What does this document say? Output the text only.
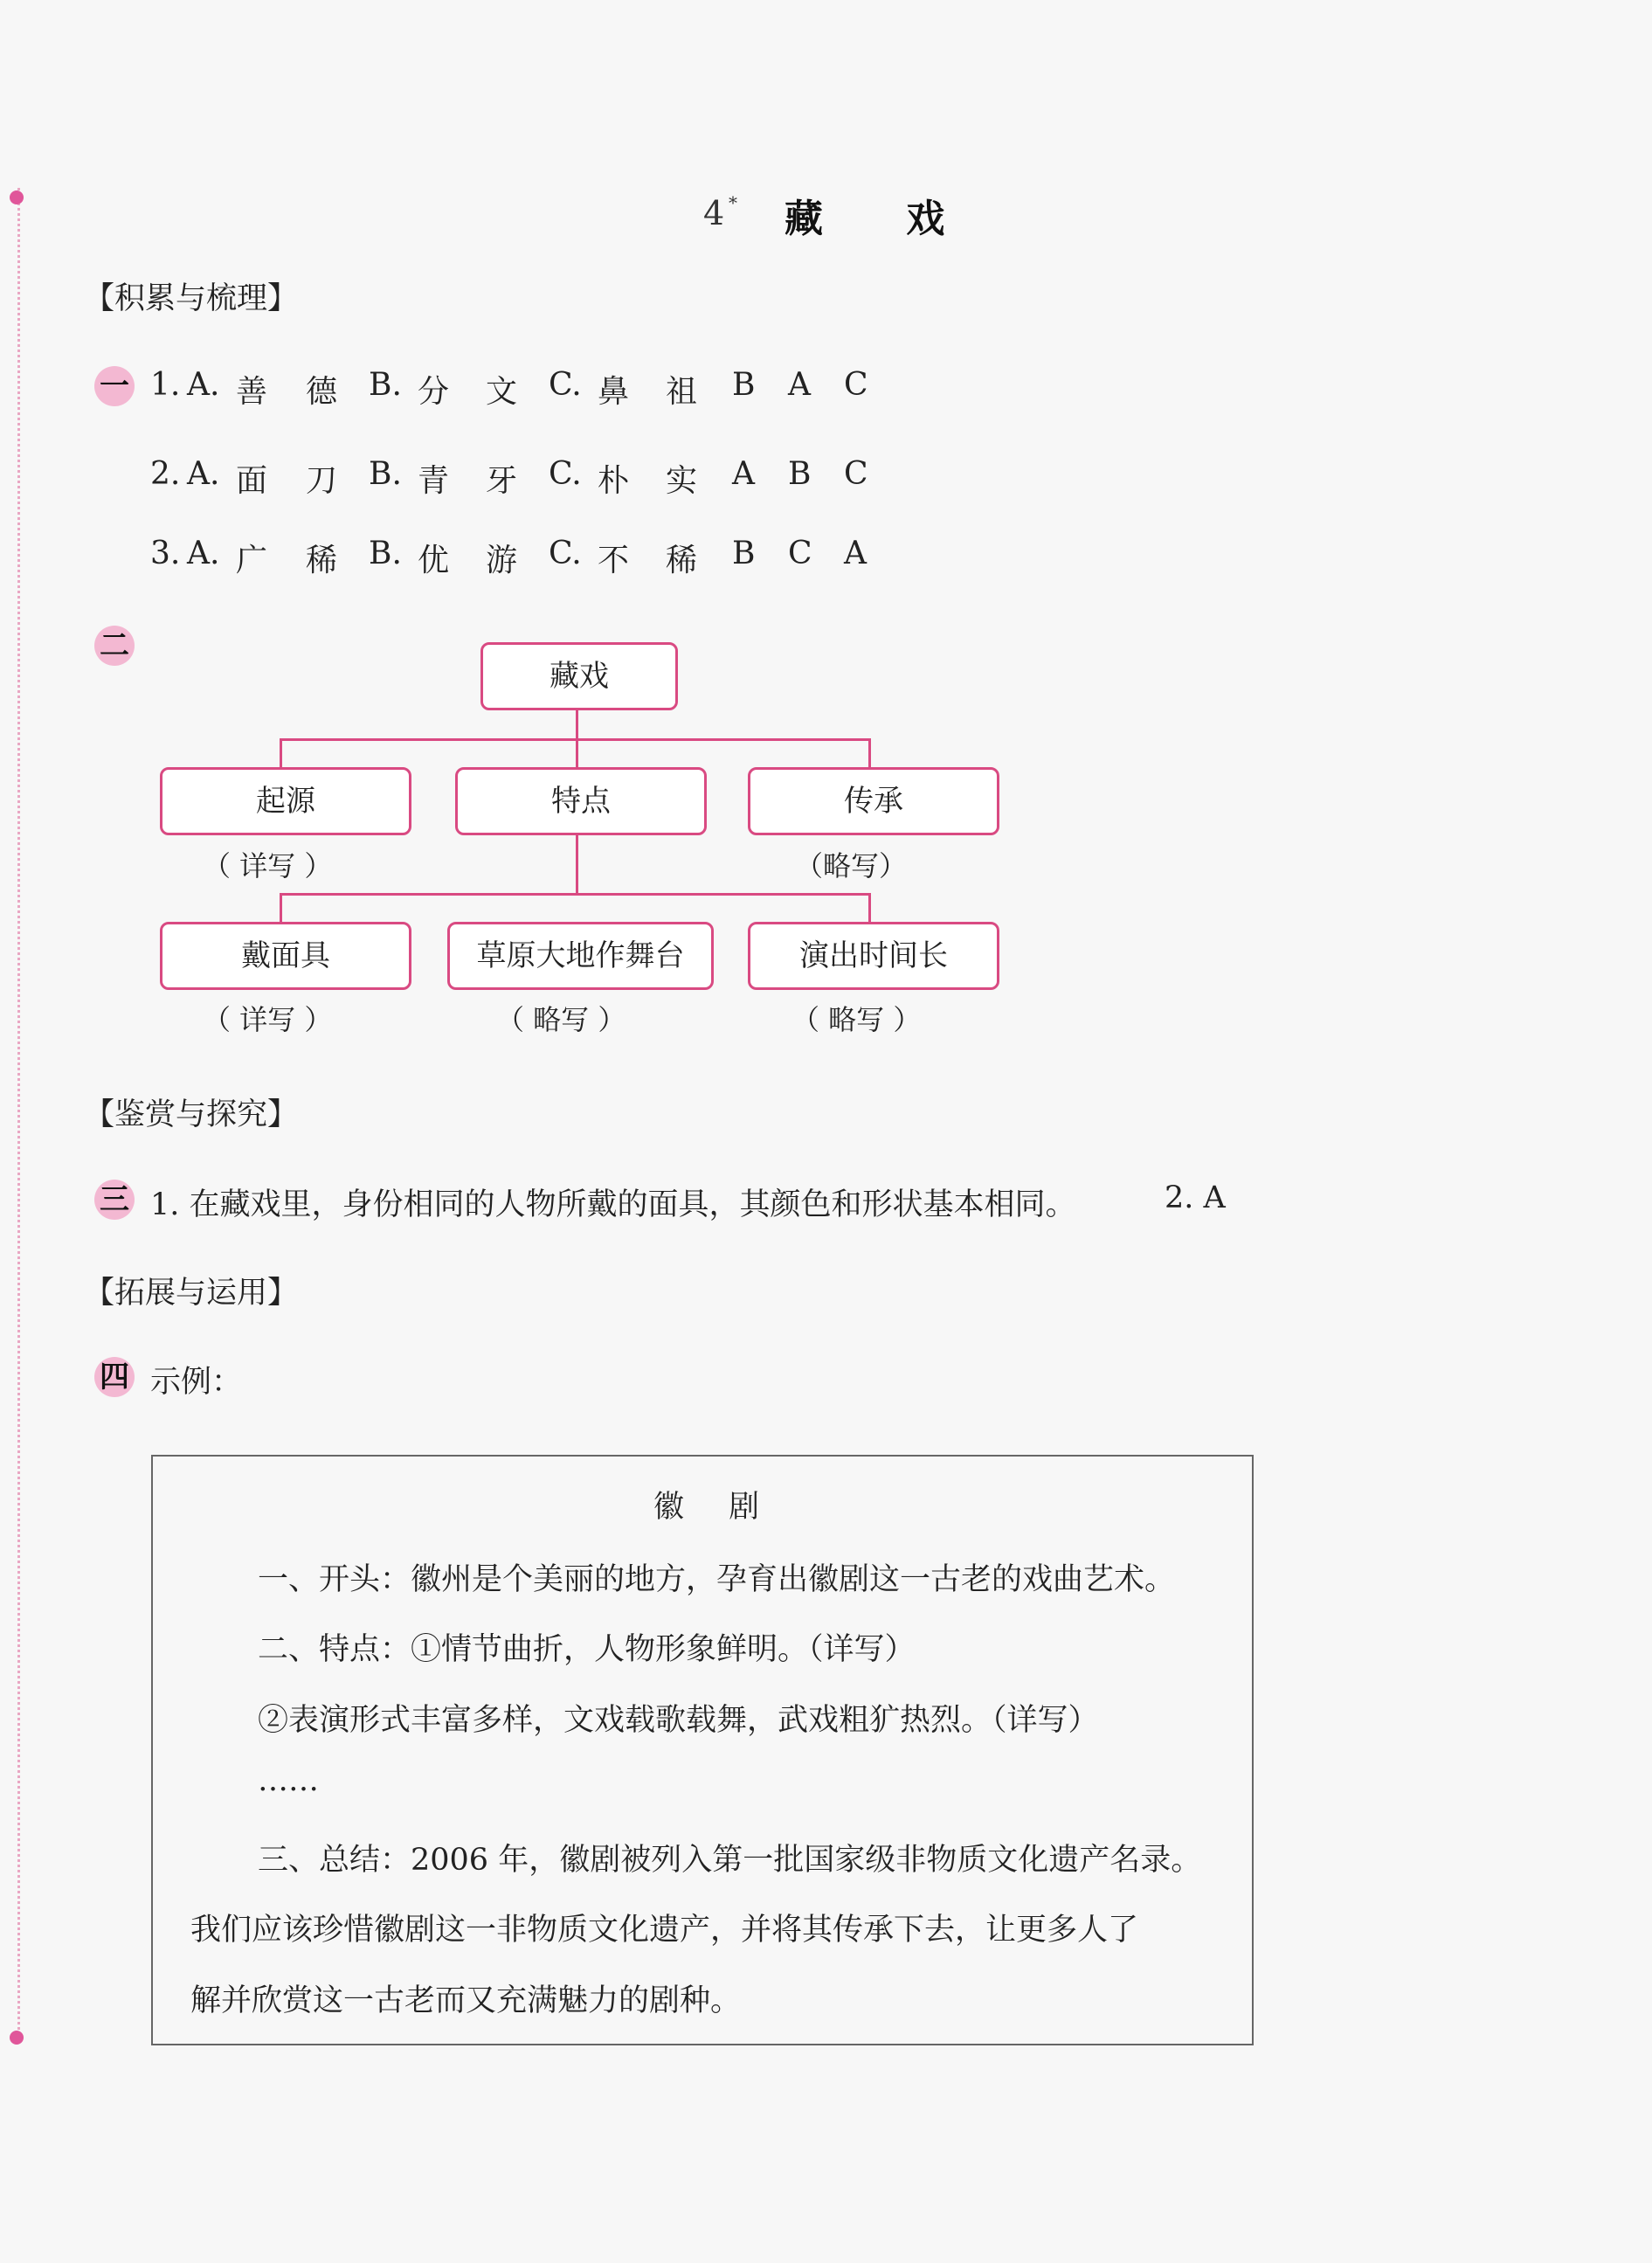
4 * 藏 戏
【积累与梳理】
一 1. A. 善 德 B. 分 文 C. 鼻 祖 B A C
2. A. 面 刀 B. 青 牙 C. 朴 实 A B C
3. A. 广 稀 B. 优 游 C. 不 稀 B C A
二
藏戏
起源	特点	传承
（ 详写 ）	（略写）
戴面具	草原大地作舞台	演出时间长
（ 详写 ）	（ 略写 ）	（ 略写 ）
【鉴赏与探究】
三 1. 在藏戏里，身份相同的人物所戴的面具，其颜色和形状基本相同。	2. A
【拓展与运用】
四 示例：
徽 剧
一、开头：徽州是个美丽的地方，孕育出徽剧这一古老的戏曲艺术。
二、特点：①情节曲折，人物形象鲜明。（详写）
②表演形式丰富多样，文戏载歌载舞，武戏粗犷热烈。（详写）
……
三、总结：2006 年，徽剧被列入第一批国家级非物质文化遗产名录。
我们应该珍惜徽剧这一非物质文化遗产，并将其传承下去，让更多人了
解并欣赏这一古老而又充满魅力的剧种。
